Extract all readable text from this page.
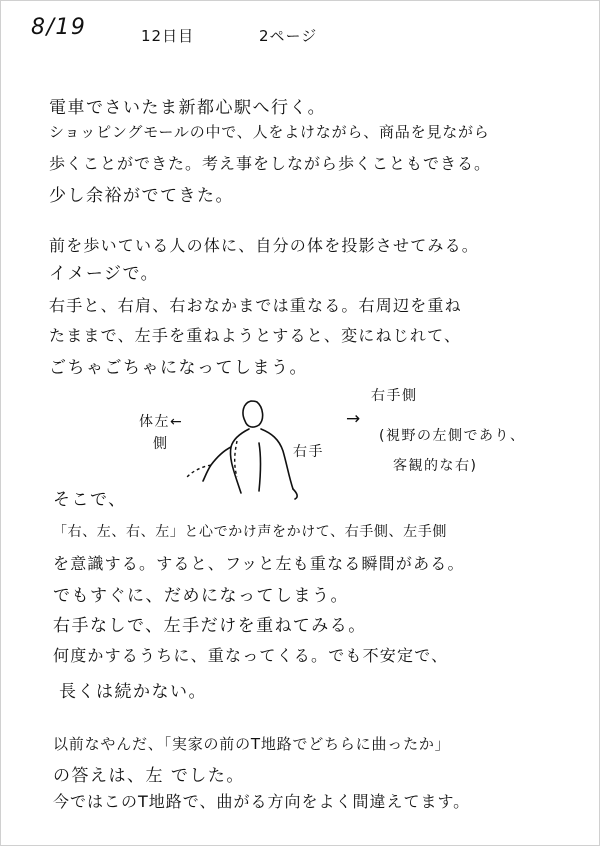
8/19	12日目	2ページ
電車でさいたま新都心駅へ行く。
ショッピングモールの中で、人をよけながら、商品を見ながら
歩くことができた。考え事をしながら歩くこともできる。
少し余裕がでてきた。
前を歩いている人の体に、自分の体を投影させてみる。
イメージで。
右手と、右肩、右おなかまでは重なる。右周辺を重ね
たままで、左手を重ねようとすると、変にねじれて、
ごちゃごちゃになってしまう。
体左←
側	右手
→
右手側
(視野の左側であり、
客観的な右)
そこで、
「右、左、右、左」と心でかけ声をかけて、右手側、左手側
を意識する。すると、フッと左も重なる瞬間がある。
でもすぐに、だめになってしまう。
右手なしで、左手だけを重ねてみる。
何度かするうちに、重なってくる。でも不安定で、
長くは続かない。
以前なやんだ、「実家の前のT地路でどちらに曲ったか」
の答えは、左 でした。
今ではこのT地路で、曲がる方向をよく間違えてます。
